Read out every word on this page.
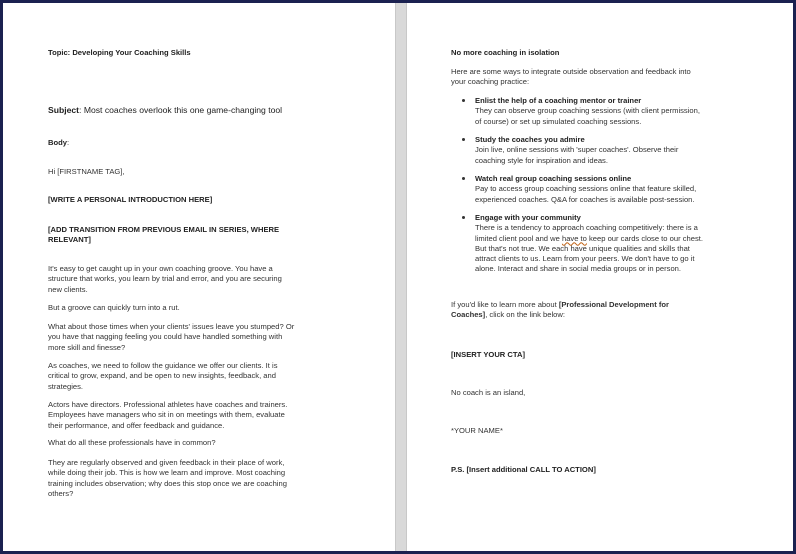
Topic: Developing Your Coaching Skills
Subject: Most coaches overlook this one game-changing tool
Body:
Hi [FIRSTNAME TAG],
[WRITE A PERSONAL INTRODUCTION HERE]
[ADD TRANSITION FROM PREVIOUS EMAIL IN SERIES, WHERE
RELEVANT]
It's easy to get caught up in your own coaching groove. You have a
structure that works, you learn by trial and error, and you are securing
new clients.
But a groove can quickly turn into a rut.
What about those times when your clients' issues leave you stumped? Or
you have that nagging feeling you could have handled something with
more skill and finesse?
As coaches, we need to follow the guidance we offer our clients. It is
critical to grow, expand, and be open to new insights, feedback, and
strategies.
Actors have directors. Professional athletes have coaches and trainers.
Employees have managers who sit in on meetings with them, evaluate
their performance, and offer feedback and guidance.
What do all these professionals have in common?
They are regularly observed and given feedback in their place of work,
while doing their job. This is how we learn and improve. Most coaching
training includes observation; why does this stop once we are coaching
others?
No more coaching in isolation
Here are some ways to integrate outside observation and feedback into
your coaching practice:
Enlist the help of a coaching mentor or trainer
They can observe group coaching sessions (with client permission,
of course) or set up simulated coaching sessions.
Study the coaches you admire
Join live, online sessions with 'super coaches'. Observe their
coaching style for inspiration and ideas.
Watch real group coaching sessions online
Pay to access group coaching sessions online that feature skilled,
experienced coaches. Q&A for coaches is available post-session.
Engage with your community
There is a tendency to approach coaching competitively: there is a
limited client pool and we have to keep our cards close to our chest.
But that's not true. We each have unique qualities and skills that
attract clients to us. Learn from your peers. We don't have to go it
alone. Interact and share in social media groups or in person.
If you'd like to learn more about [Professional Development for
Coaches], click on the link below:
[INSERT YOUR CTA]
No coach is an island,
*YOUR NAME*
P.S. [Insert additional CALL TO ACTION]
